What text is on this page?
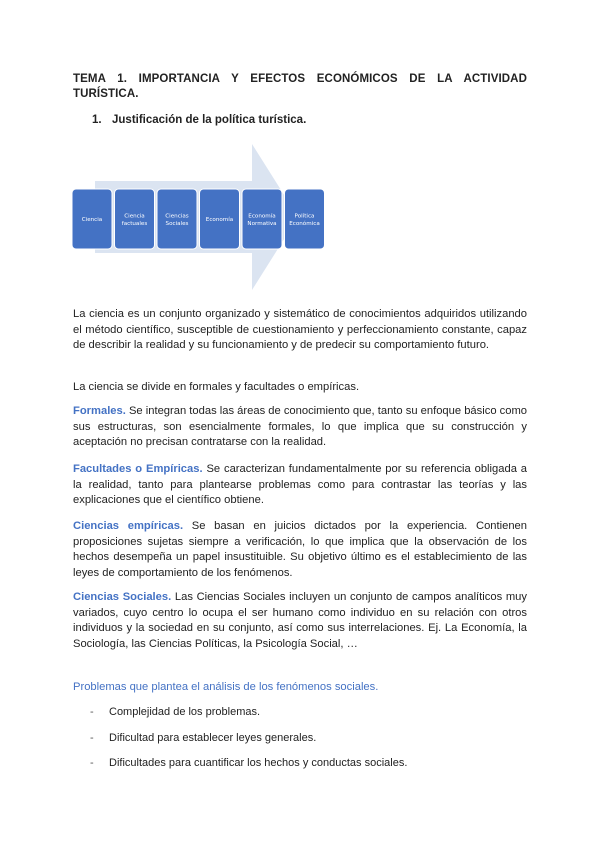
TEMA 1. IMPORTANCIA Y EFECTOS ECONÓMICOS DE LA ACTIVIDAD TURÍSTICA.
1. Justificación de la política turística.
Ciencia
Ciencia
factuales
Ciencias
Sociales
Economía
Economía
Normativa
Política
Económica

La ciencia es un conjunto organizado y sistemático de conocimientos adquiridos utilizando el método científico, susceptible de cuestionamiento y perfeccionamiento constante, capaz de describir la realidad y su funcionamiento y de predecir su comportamiento futuro.

La ciencia se divide en formales y facultades o empíricas.

Formales. Se integran todas las áreas de conocimiento que, tanto su enfoque básico como sus estructuras, son esencialmente formales, lo que implica que su construcción y aceptación no precisan contratarse con la realidad.

Facultades o Empíricas. Se caracterizan fundamentalmente por su referencia obligada a la realidad, tanto para plantearse problemas como para contrastar las teorías y las explicaciones que el científico obtiene.

Ciencias empíricas. Se basan en juicios dictados por la experiencia. Contienen proposiciones sujetas siempre a verificación, lo que implica que la observación de los hechos desempeña un papel insustituible. Su objetivo último es el establecimiento de las leyes de comportamiento de los fenómenos.

Ciencias Sociales. Las Ciencias Sociales incluyen un conjunto de campos analíticos muy variados, cuyo centro lo ocupa el ser humano como individuo en su relación con otros individuos y la sociedad en su conjunto, así como sus interrelaciones. Ej. La Economía, la Sociología, las Ciencias Políticas, la Psicología Social, …

Problemas que plantea el análisis de los fenómenos sociales.

- Complejidad de los problemas.
- Dificultad para establecer leyes generales.
- Dificultades para cuantificar los hechos y conductas sociales.
